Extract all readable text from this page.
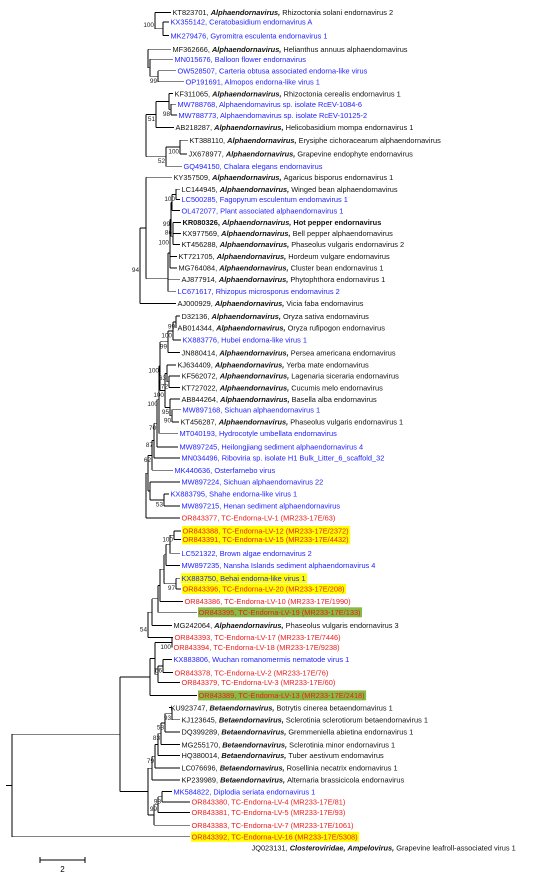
KT823701, Alphaendornavirus, Rhizoctonia solani endornavirus 2
KX355142, Ceratobasidium endornavirus A
MK279476, Gyromitra esculenta endornavirus 1
MF362666, Alphaendornavirus, Helianthus annuus alphaendornavirus
MN015676, Balloon flower endornavirus
OW528507, Carteria obtusa associated endorna-like virus
OP191691, Almopos endorna-like virus 1
KF311065, Alphaendornavirus, Rhizoctonia cerealis endornavirus 1
MW788768, Alphaendornavirus sp. isolate RcEV-1084-6
MW788773, Alphaendornavirus sp. isolate RcEV-10125-2
AB218287, Alphaendornavirus, Helicobasidium mompa endornavirus 1
KT388110, Alphaendornavirus, Erysiphe cichoracearum alphaendornavirus
JX678977, Alphaendornavirus, Grapevine endophyte endornavirus
GQ494150, Chalara elegans endornavirus
KY357509, Alphaendornavirus, Agaricus bisporus endornavirus 1
LC144945, Alphaendornavirus, Winged bean alphaendornavirus
LC500285, Fagopyrum esculentum endornavirus 1
OL472077, Plant associated alphaendornavirus 1
KR080326, Alphaendornavirus, Hot pepper endornavirus
KX977569, Alphaendornavirus, Bell pepper alphaendornavirus
KT456288, Alphaendornavirus, Phaseolus vulgaris endornavirus 2
KT721705, Alphaendornavirus, Hordeum vulgare endornavirus
MG764084, Alphaendornavirus, Cluster bean endornavirus 1
AJ877914, Alphaendornavirus, Phytophthora endornavirus 1
LC671617, Rhizopus microsporus endornavirus 2
AJ000929, Alphaendornavirus, Vicia faba endornavirus
D32136, Alphaendornavirus, Oryza sativa endornavirus
AB014344, Alphaendornavirus, Oryza rufipogon endornavirus
KX883776, Hubei endorna-like virus 1
JN880414, Alphaendornavirus, Persea americana endornavirus
KJ634409, Alphaendornavirus, Yerba mate endornavirus
KF562072, Alphaendornavirus, Lagenaria siceraria endornavirus
KT727022, Alphaendornavirus, Cucumis melo endornavirus
AB844264, Alphaendornavirus, Basella alba endornavirus
MW897168, Sichuan alphaendornavirus 1
KT456287, Alphaendornavirus, Phaseolus vulgaris endornavirus 1
MT040193, Hydrocotyle umbellata endornavirus
MW897245, Heilongjiang sediment alphaendornavirus 4
MN034496, Riboviria sp. isolate H1 Bulk_Litter_6_scaffold_32
MK440636, Osterfarnebo virus
MW897224, Sichuan alphaendornavirus 22
KX883795, Shahe endorna-like virus 1
MW897215, Henan sediment alphaendornavirus
OR843377, TC-Endorna-LV-1 (MR233-17E/63)
OR843388, TC-Endorna-LV-12 (MR233-17E/2372)
OR843391, TC-Endorna-LV-15 (MR233-17E/4432)
LC521322, Brown algae endornavirus 2
MW897235, Nansha Islands sediment alphaendornavirus 4
KX883750, Behai endorna-like virus 1
OR843396, TC-Endorna-LV-20 (MR233-17E/208)
OR843386, TC-Endorna-LV-10 (MR233-17E/1990)
OR843395, TC-Endorna-LV-19 (MR233-17E/133)
MG242064, Alphaendornavirus, Phaseolus vulgaris endornavirus 3
OR843393, TC-Endorna-LV-17 (MR233-17E/7446)
OR843394, TC-Endorna-LV-18 (MR233-17E/9238)
KX883806, Wuchan romanomermis nematode virus 1
OR843378, TC-Endorna-LV-2 (MR233-17E/76)
OR843379, TC-Endorna-LV-3 (MR233-17E/60)
OR843389, TC-Endorna-LV-13 (MR233-17E/2418)
KU923747, Betaendornavirus, Botrytis cinerea betaendornavirus 1
KJ123645, Betaendornavirus, Sclerotinia sclerotiorum betaendornavirus 1
DQ399289, Betaendornavirus, Gremmeniella abietina endornavirus 1
MG255170, Betaendornavirus, Sclerotinia minor endornavirus 1
HQ380014, Betaendornavirus, Tuber aestivum endornavirus
LC076696, Betaendornavirus, Rosellinia necatrix endornavirus 1
KP239989, Betaendornavirus, Alternaria brassicicola endornavirus
MK584822, Diplodia seriata endornavirus 1
OR843380, TC-Endorna-LV-4 (MR233-17E/81)
OR843381, TC-Endorna-LV-5 (MR233-17E/93)
OR843383, TC-Endorna-LV-7 (MR233-17E/1061)
OR843392, TC-Endorna-LV-16 (MR233-17E/5308)
JQ023131, Closteroviridae, Ampelovirus, Grapevine leafroll-associated virus 1
100
99
98
51
100
52
100
86
99
100
94
99
100
99
72
63
90
95
100
100
100
70
87
62
53
100
97
54
100
66
93
58
83
79
98
99
2
